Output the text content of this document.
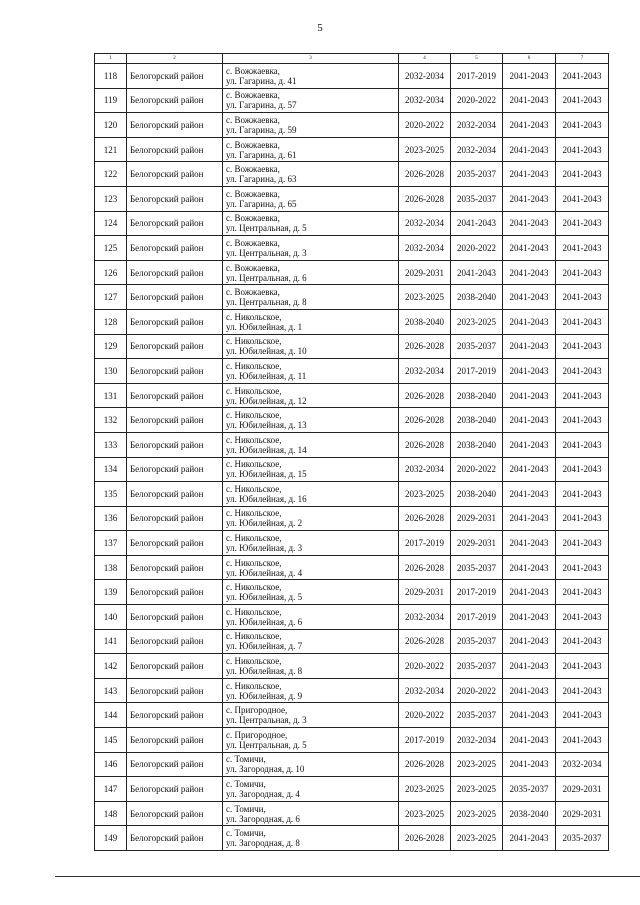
5
1	2	3	4	5	6	7
118	Белогорский район	с. Вожжаевка,
ул. Гагарина, д. 41	2032-2034	2017-2019	2041-2043	2041-2043
119	Белогорский район	с. Вожжаевка,
ул. Гагарина, д. 57	2032-2034	2020-2022	2041-2043	2041-2043
120	Белогорский район	с. Вожжаевка,
ул. Гагарина, д. 59	2020-2022	2032-2034	2041-2043	2041-2043
121	Белогорский район	с. Вожжаевка,
ул. Гагарина, д. 61	2023-2025	2032-2034	2041-2043	2041-2043
122	Белогорский район	с. Вожжаевка,
ул. Гагарина, д. 63	2026-2028	2035-2037	2041-2043	2041-2043
123	Белогорский район	с. Вожжаевка,
ул. Гагарина, д. 65	2026-2028	2035-2037	2041-2043	2041-2043
124	Белогорский район	с. Вожжаевка,
ул. Центральная, д. 5	2032-2034	2041-2043	2041-2043	2041-2043
125	Белогорский район	с. Вожжаевка,
ул. Центральная, д. 3	2032-2034	2020-2022	2041-2043	2041-2043
126	Белогорский район	с. Вожжаевка,
ул. Центральная, д. 6	2029-2031	2041-2043	2041-2043	2041-2043
127	Белогорский район	с. Вожжаевка,
ул. Центральная, д. 8	2023-2025	2038-2040	2041-2043	2041-2043
128	Белогорский район	с. Никольское,
ул. Юбилейная, д. 1	2038-2040	2023-2025	2041-2043	2041-2043
129	Белогорский район	с. Никольское,
ул. Юбилейная, д. 10	2026-2028	2035-2037	2041-2043	2041-2043
130	Белогорский район	с. Никольское,
ул. Юбилейная, д. 11	2032-2034	2017-2019	2041-2043	2041-2043
131	Белогорский район	с. Никольское,
ул. Юбилейная, д. 12	2026-2028	2038-2040	2041-2043	2041-2043
132	Белогорский район	с. Никольское,
ул. Юбилейная, д. 13	2026-2028	2038-2040	2041-2043	2041-2043
133	Белогорский район	с. Никольское,
ул. Юбилейная, д. 14	2026-2028	2038-2040	2041-2043	2041-2043
134	Белогорский район	с. Никольское,
ул. Юбилейная, д. 15	2032-2034	2020-2022	2041-2043	2041-2043
135	Белогорский район	с. Никольское,
ул. Юбилейная, д. 16	2023-2025	2038-2040	2041-2043	2041-2043
136	Белогорский район	с. Никольское,
ул. Юбилейная, д. 2	2026-2028	2029-2031	2041-2043	2041-2043
137	Белогорский район	с. Никольское,
ул. Юбилейная, д. 3	2017-2019	2029-2031	2041-2043	2041-2043
138	Белогорский район	с. Никольское,
ул. Юбилейная, д. 4	2026-2028	2035-2037	2041-2043	2041-2043
139	Белогорский район	с. Никольское,
ул. Юбилейная, д. 5	2029-2031	2017-2019	2041-2043	2041-2043
140	Белогорский район	с. Никольское,
ул. Юбилейная, д. 6	2032-2034	2017-2019	2041-2043	2041-2043
141	Белогорский район	с. Никольское,
ул. Юбилейная, д. 7	2026-2028	2035-2037	2041-2043	2041-2043
142	Белогорский район	с. Никольское,
ул. Юбилейная, д. 8	2020-2022	2035-2037	2041-2043	2041-2043
143	Белогорский район	с. Никольское,
ул. Юбилейная, д. 9	2032-2034	2020-2022	2041-2043	2041-2043
144	Белогорский район	с. Пригородное,
ул. Центральная, д. 3	2020-2022	2035-2037	2041-2043	2041-2043
145	Белогорский район	с. Пригородное,
ул. Центральная, д. 5	2017-2019	2032-2034	2041-2043	2041-2043
146	Белогорский район	с. Томичи,
ул. Загородная, д. 10	2026-2028	2023-2025	2041-2043	2032-2034
147	Белогорский район	с. Томичи,
ул. Загородная, д. 4	2023-2025	2023-2025	2035-2037	2029-2031
148	Белогорский район	с. Томичи,
ул. Загородная, д. 6	2023-2025	2023-2025	2038-2040	2029-2031
149	Белогорский район	с. Томичи,
ул. Загородная, д. 8	2026-2028	2023-2025	2041-2043	2035-2037
